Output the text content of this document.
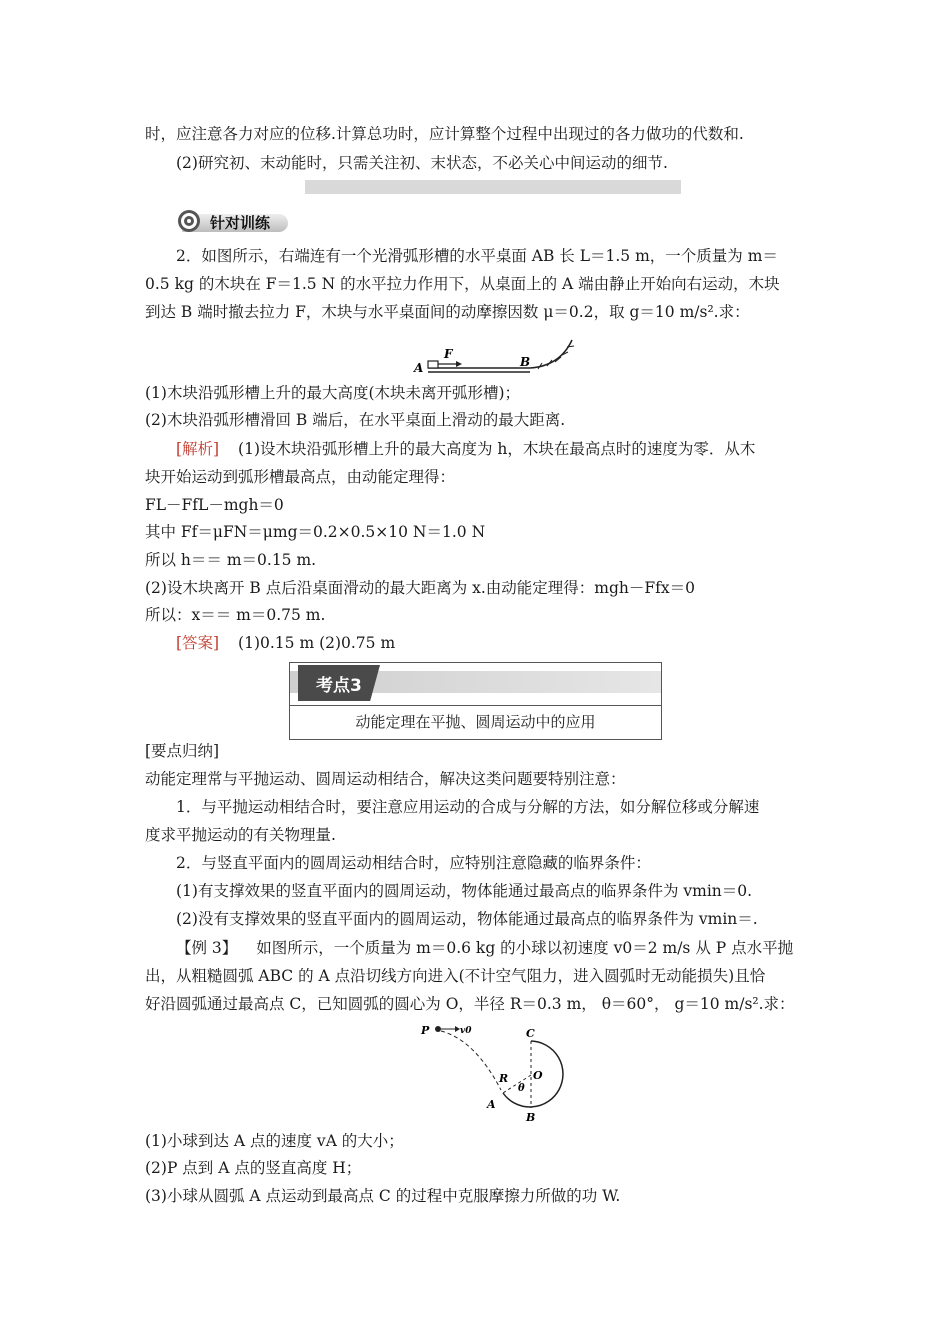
时，应注意各力对应的位移.计算总功时，应计算整个过程中出现过的各力做功的代数和.
(2)研究初、末动能时，只需关注初、末状态，不必关心中间运动的细节.
针对训练
2．如图所示，右端连有一个光滑弧形槽的水平桌面 AB 长 L＝1.5 m，一个质量为 m＝
0.5 kg 的木块在 F＝1.5 N 的水平拉力作用下，从桌面上的 A 端由静止开始向右运动，木块
到达 B 端时撤去拉力 F，木块与水平桌面间的动摩擦因数 μ＝0.2，取 g＝10 m/s².求：
A
F
B
(1)木块沿弧形槽上升的最大高度(木块未离开弧形槽)；
(2)木块沿弧形槽滑回 B 端后，在水平桌面上滑动的最大距离.
[解析] (1)设木块沿弧形槽上升的最大高度为 h，木块在最高点时的速度为零．从木
块开始运动到弧形槽最高点，由动能定理得：
FL－FfL－mgh＝0
其中 Ff＝μFN＝μmg＝0.2×0.5×10 N＝1.0 N
所以 h＝＝ m＝0.15 m.
(2)设木块离开 B 点后沿桌面滑动的最大距离为 x.由动能定理得：mgh－Ffx＝0
所以：x＝＝ m＝0.75 m.
[答案] (1)0.15 m (2)0.75 m
考点3
动能定理在平抛、圆周运动中的应用
[要点归纳]
动能定理常与平抛运动、圆周运动相结合，解决这类问题要特别注意：
1．与平抛运动相结合时，要注意应用运动的合成与分解的方法，如分解位移或分解速
度求平抛运动的有关物理量.
2．与竖直平面内的圆周运动相结合时，应特别注意隐藏的临界条件：
(1)有支撑效果的竖直平面内的圆周运动，物体能通过最高点的临界条件为 vmin＝0.
(2)没有支撑效果的竖直平面内的圆周运动，物体能通过最高点的临界条件为 vmin＝.
【例 3】 如图所示，一个质量为 m＝0.6 kg 的小球以初速度 v0＝2 m/s 从 P 点水平抛
出，从粗糙圆弧 ABC 的 A 点沿切线方向进入(不计空气阻力，进入圆弧时无动能损失)且恰
好沿圆弧通过最高点 C，已知圆弧的圆心为 O，半径 R＝0.3 m， θ＝60°， g＝10 m/s².求：
P	v0	C
R O
θ
A
B
(1)小球到达 A 点的速度 vA 的大小；
(2)P 点到 A 点的竖直高度 H；
(3)小球从圆弧 A 点运动到最高点 C 的过程中克服摩擦力所做的功 W.
